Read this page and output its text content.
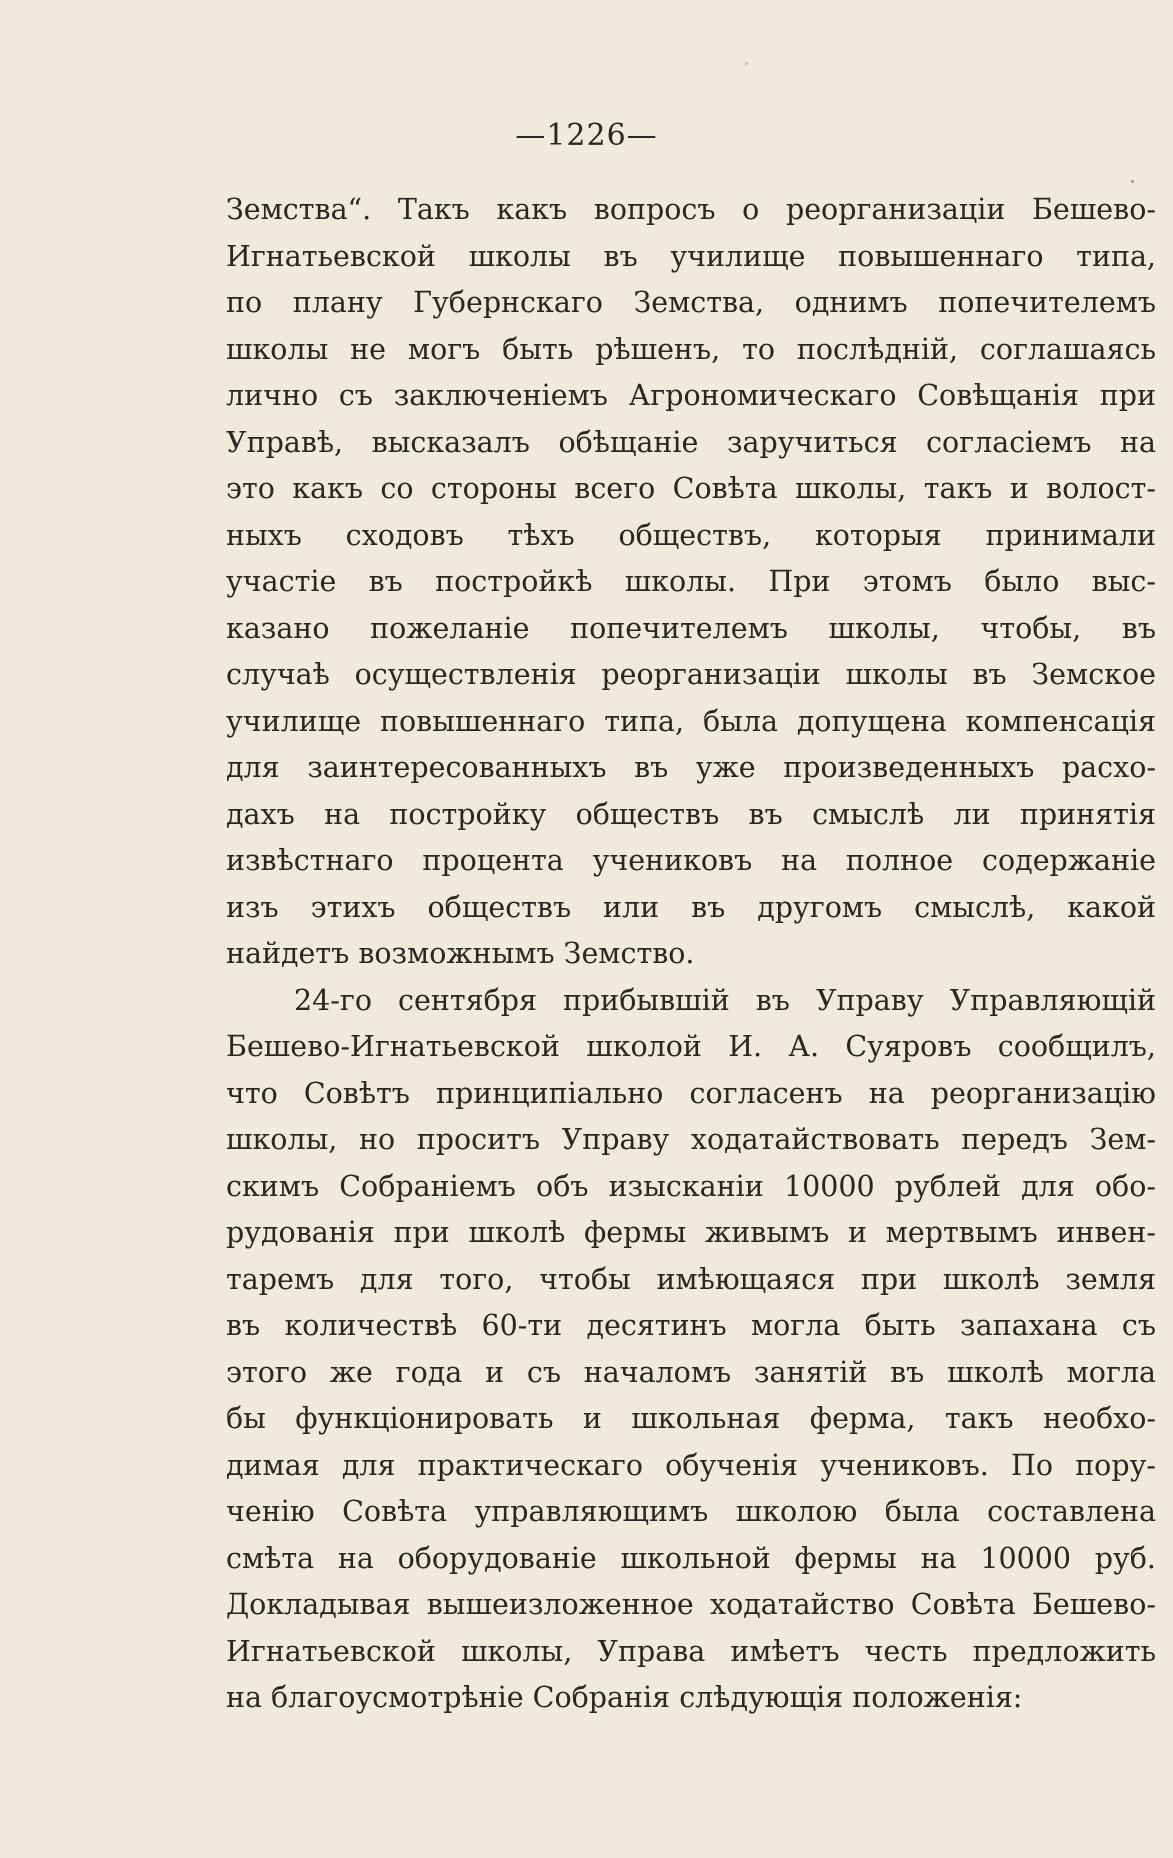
—1226—
Земства“. Такъ какъ вопросъ о реорганизацiи Бешево-
Игнатьевской школы въ училище повышеннаго типа,
по плану Губернскаго Земства, однимъ попечителемъ
школы не могъ быть рѣшенъ, то послѣднiй, соглашаясь
лично съ заключенiемъ Агрономическаго Совѣщанiя при
Управѣ, высказалъ обѣщанiе заручиться согласiемъ на
это какъ со стороны всего Совѣта школы, такъ и волост-
ныхъ сходовъ тѣхъ обществъ, которыя принимали
участiе въ постройкѣ школы. При этомъ было выс-
казано пожеланiе попечителемъ школы, чтобы, въ
случаѣ осуществленiя реорганизацiи школы въ Земское
училище повышеннаго типа, была допущена компенсацiя
для заинтересованныхъ въ уже произведенныхъ расхо-
дахъ на постройку обществъ въ смыслѣ ли принятiя
извѣстнаго процента учениковъ на полное содержанiе
изъ этихъ обществъ или въ другомъ смыслѣ, какой
найдетъ возможнымъ Земство.
24-го сентября прибывшiй въ Управу Управляющiй
Бешево-Игнатьевской школой И. А. Суяровъ сообщилъ,
что Совѣтъ принципiально согласенъ на реорганизацiю
школы, но проситъ Управу ходатайствовать передъ Зем-
скимъ Собранiемъ объ изысканiи 10000 рублей для обо-
рудованiя при школѣ фермы живымъ и мертвымъ инвен-
таремъ для того, чтобы имѣющаяся при школѣ земля
въ количествѣ 60-ти десятинъ могла быть запахана съ
этого же года и съ началомъ занятiй въ школѣ могла
бы функцiонировать и школьная ферма, такъ необхо-
димая для практическаго обученiя учениковъ. По пору-
ченiю Совѣта управляющимъ школою была составлена
смѣта на оборудованiе школьной фермы на 10000 руб.
Докладывая вышеизложенное ходатайство Совѣта Бешево-
Игнатьевской школы, Управа имѣетъ честь предложить
на благоусмотрѣнiе Собранiя слѣдующiя положенiя:
